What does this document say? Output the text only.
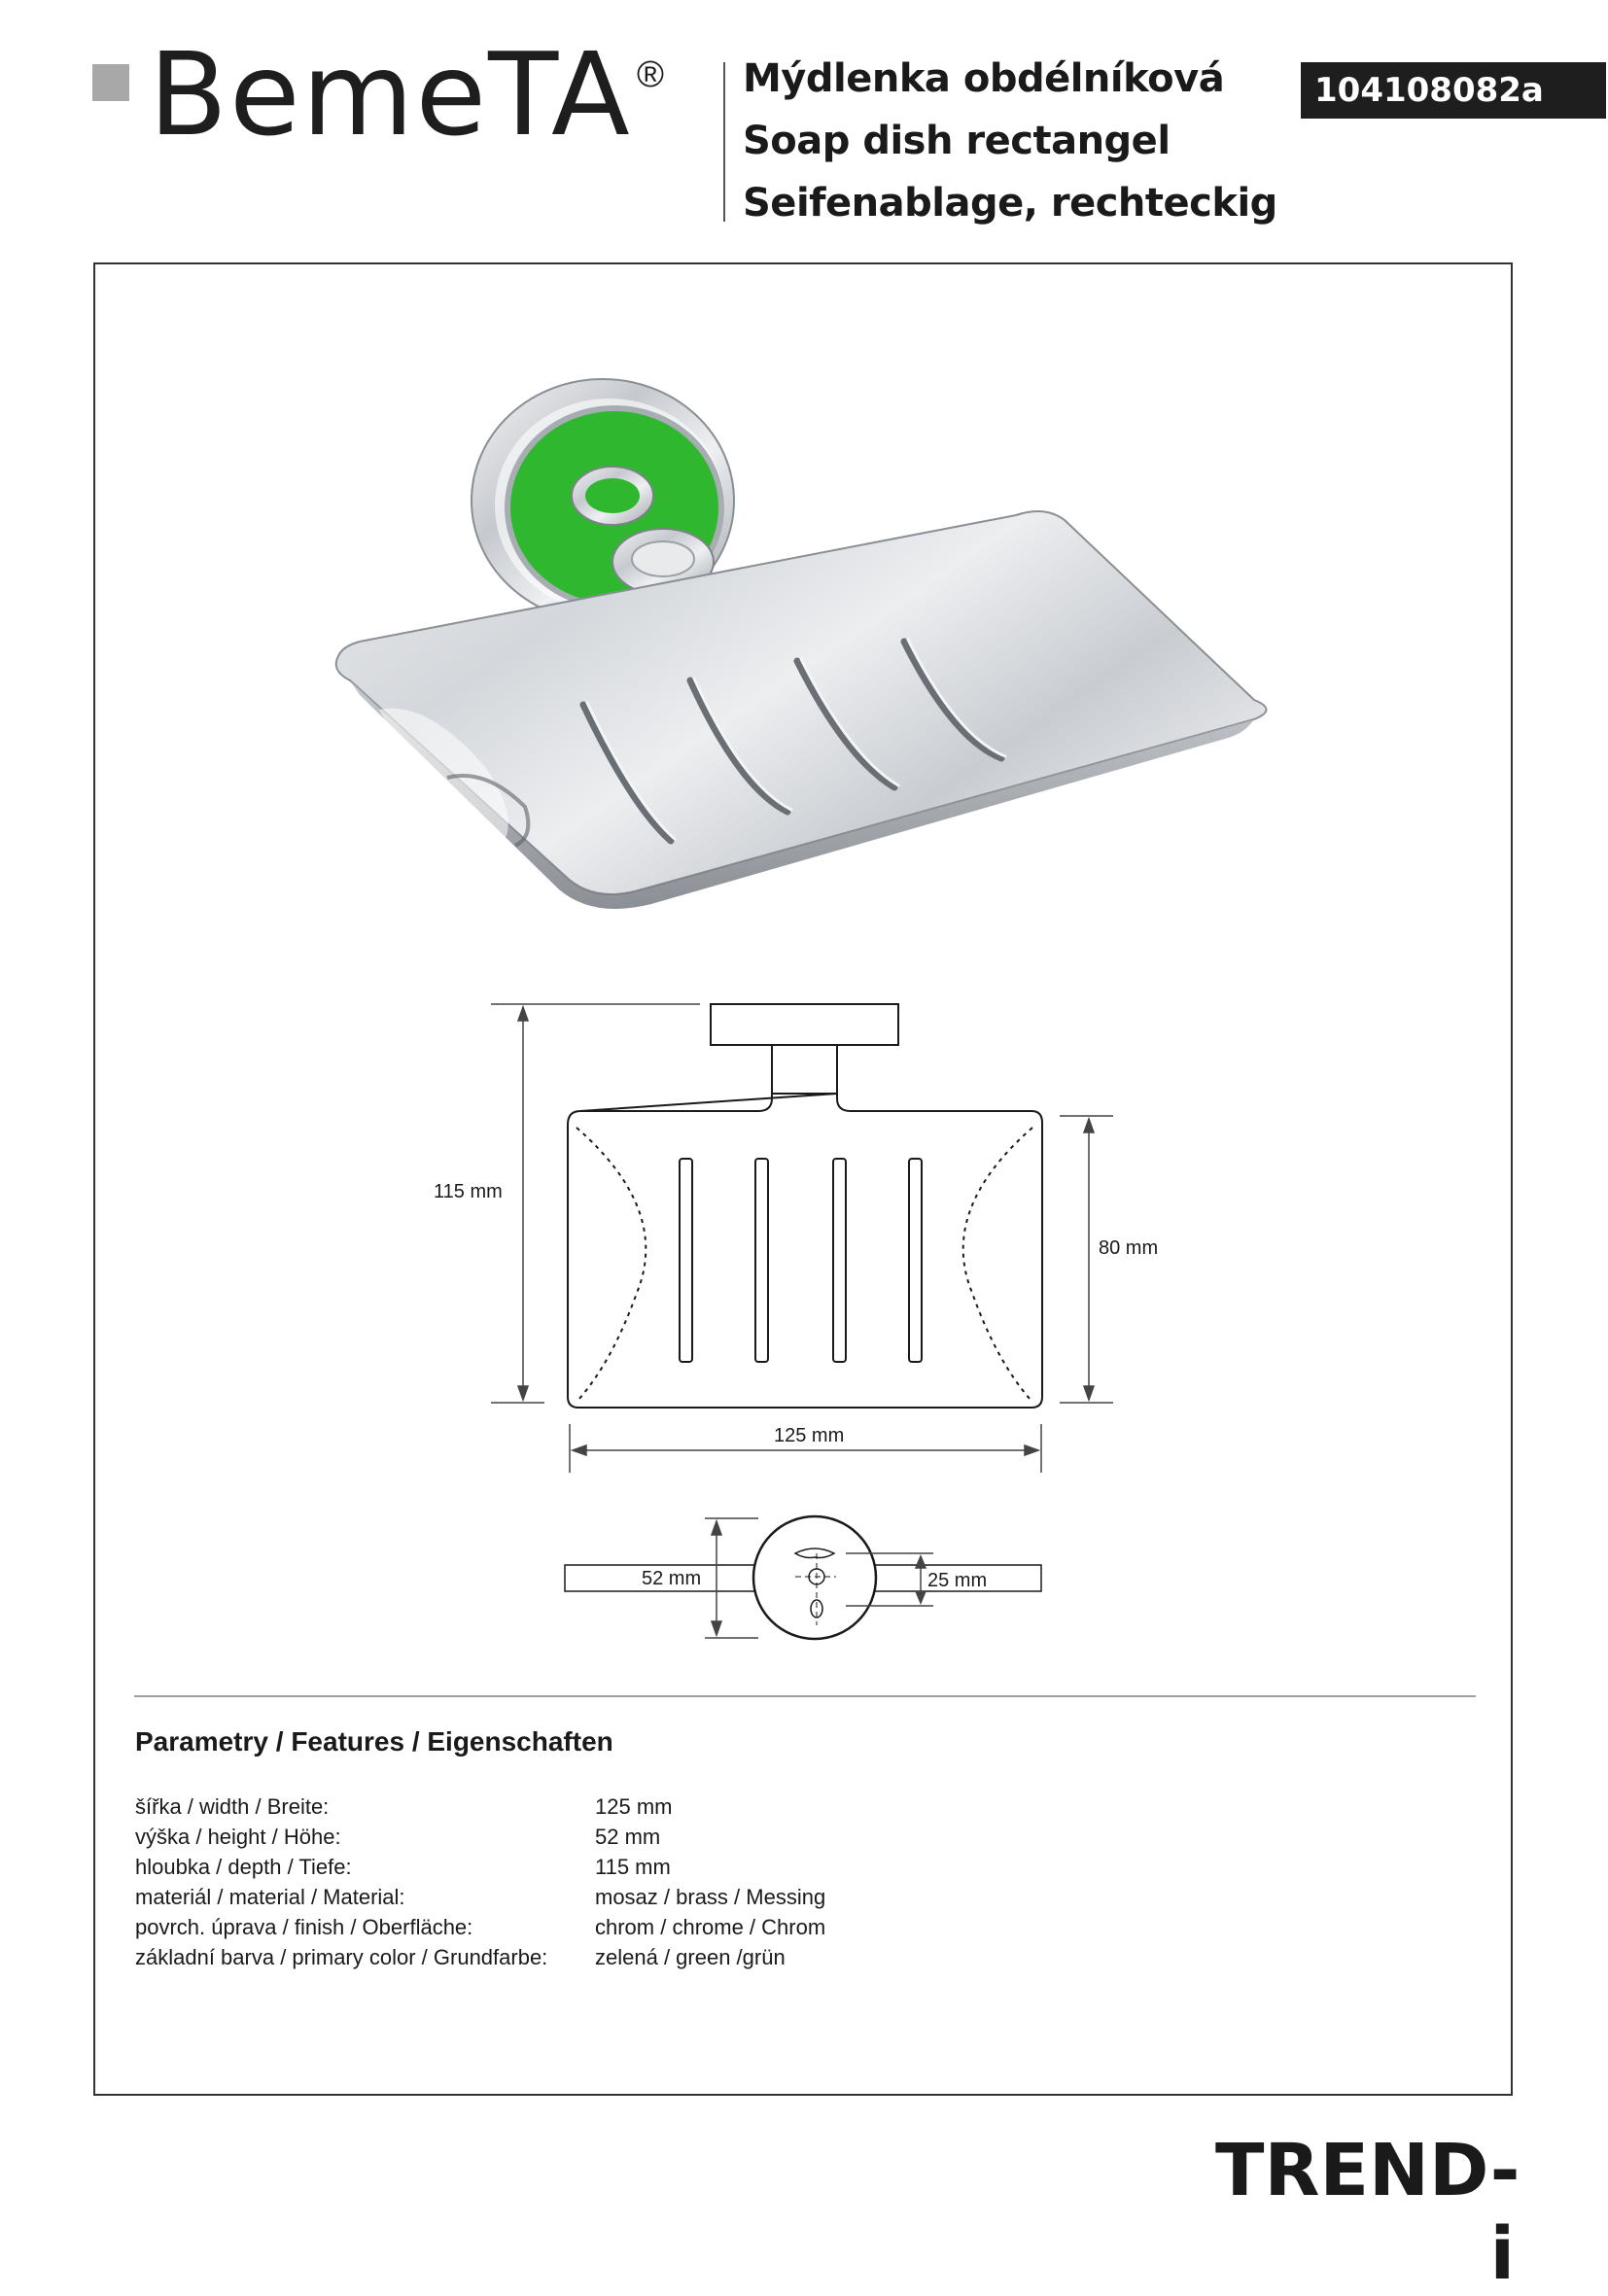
BemeTA ® Mýdlenka obdélníková
Soap dish rectangel
Seifenablage, rechteckig
104108082a
115 mm
80 mm
125 mm
52 mm	25 mm
Parametry / Features / Eigenschaften
šířka / width / Breite:	125 mm
výška / height / Höhe:	52 mm
hloubka / depth / Tiefe:	115 mm
materiál / material / Material:	mosaz / brass / Messing
povrch. úprava / finish / Oberfläche:	chrom / chrome / Chrom
základní barva / primary color / Grundfarbe: zelená / green /grün
TREND-i
